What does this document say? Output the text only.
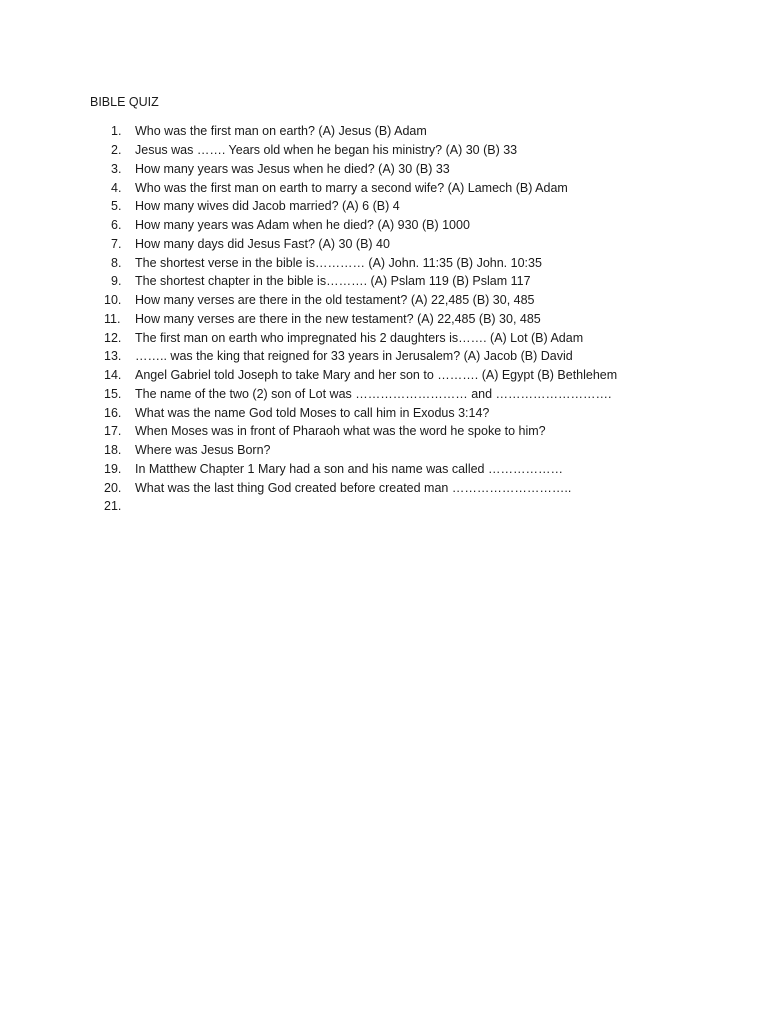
BIBLE QUIZ
1.	Who was the first man on earth? (A) Jesus (B) Adam
2.	Jesus was ……. Years old when he began his ministry? (A) 30 (B) 33
3.	How many years was Jesus when he died? (A) 30 (B) 33
4.	Who was the first man on earth to marry a second wife? (A) Lamech (B) Adam
5.	How many wives did Jacob married? (A) 6 (B) 4
6.	How many years was Adam when he died? (A) 930 (B) 1000
7.	How many days did Jesus Fast? (A) 30 (B) 40
8.	The shortest verse in the bible is………… (A) John. 11:35 (B) John. 10:35
9.	The shortest chapter in the bible is………. (A) Pslam 119 (B) Pslam 117
10.	How many verses are there in the old testament? (A) 22,485 (B) 30, 485
11.	How many verses are there in the new testament? (A) 22,485 (B) 30, 485
12.	The first man on earth who impregnated his 2 daughters is……. (A) Lot (B) Adam
13.	…….. was the king that reigned for 33 years in Jerusalem? (A) Jacob (B) David
14.	Angel Gabriel told Joseph to take Mary and her son to ………. (A) Egypt (B) Bethlehem
15.	The name of the two (2) son of Lot was ……………………… and ……………………….
16.	What was the name God told Moses to call him in Exodus 3:14?
17.	When Moses was in front of Pharaoh what was the word he spoke to him?
18.	Where was Jesus Born?
19.	In Matthew Chapter 1 Mary had a son and his name was called ………………
20.	What was the last thing God created before created man ………………………..
21.
